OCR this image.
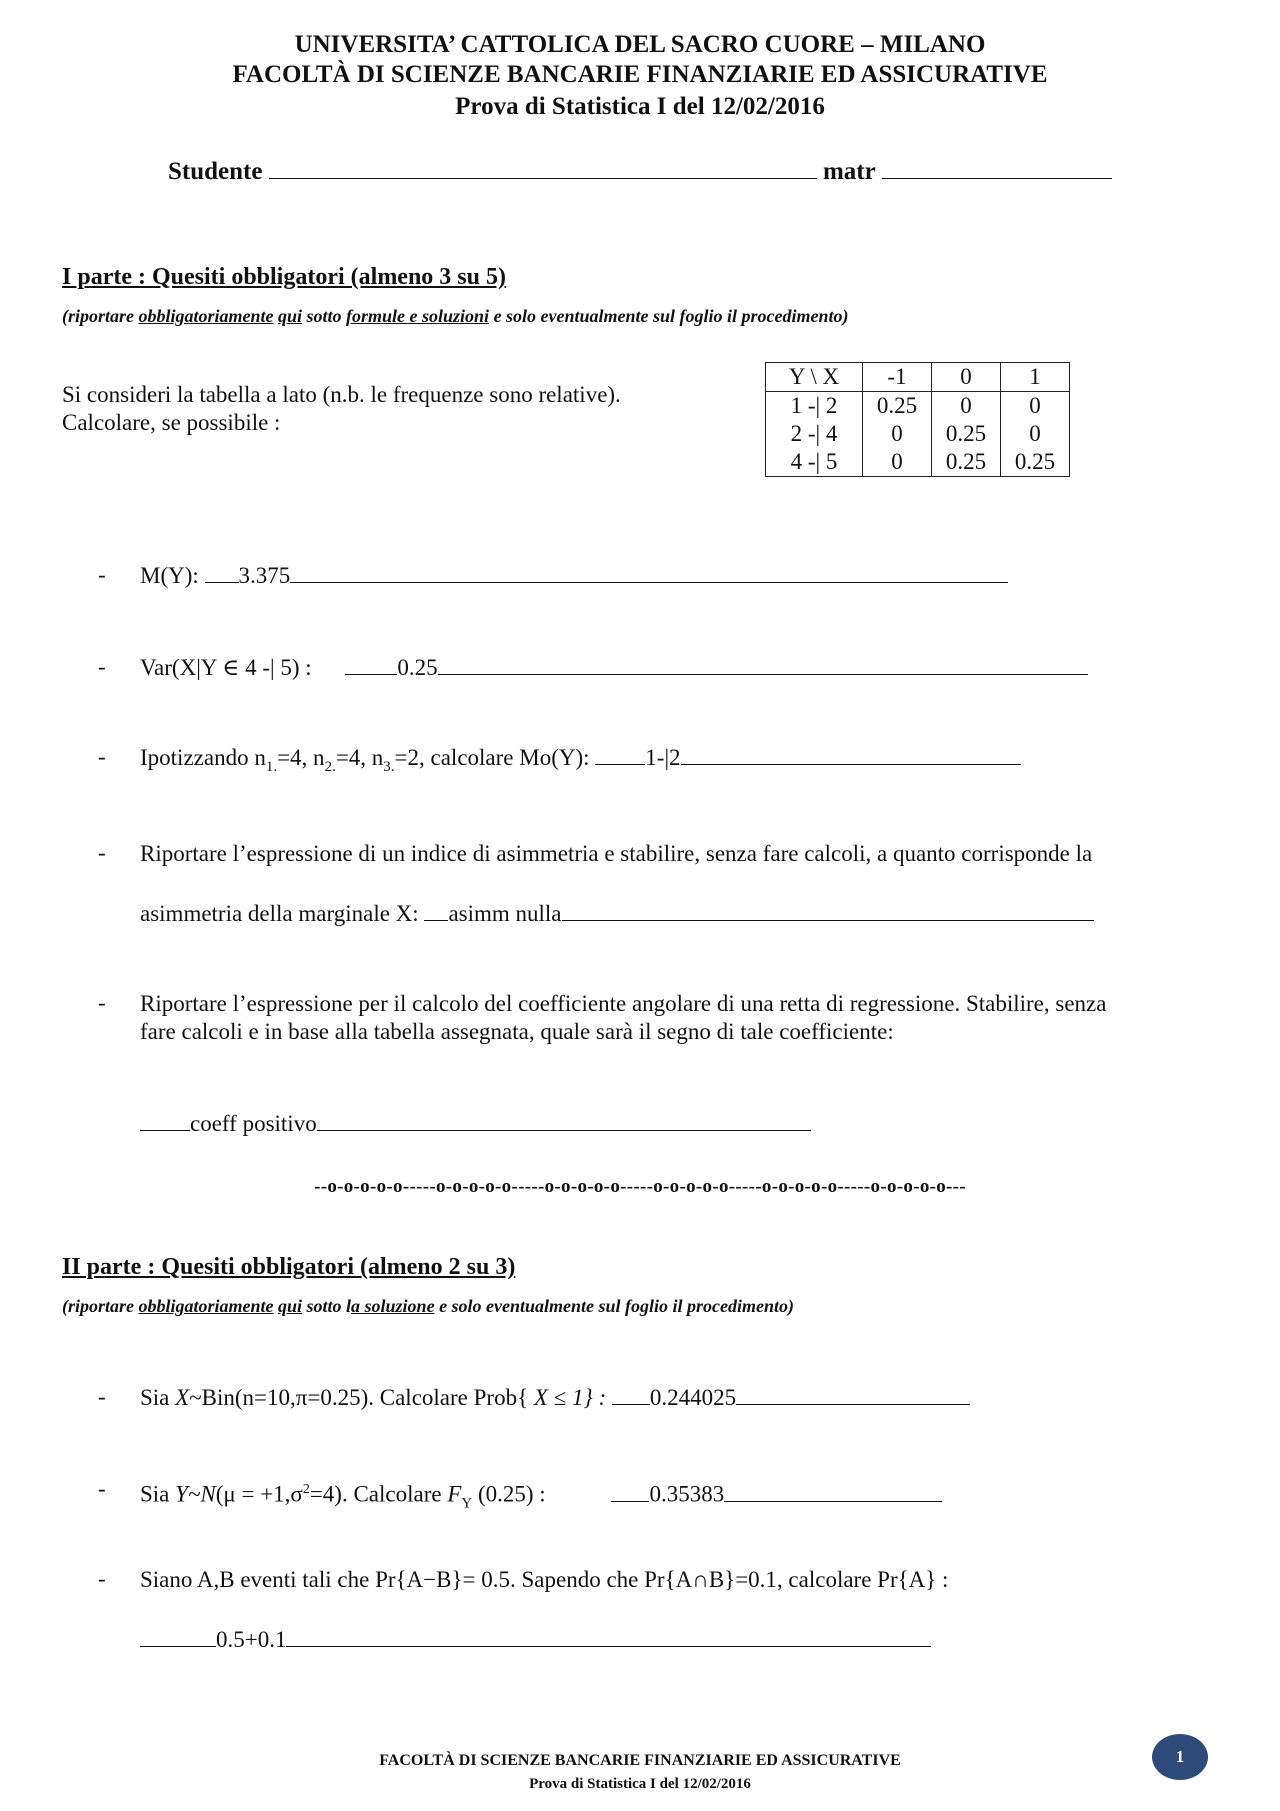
UNIVERSITA’ CATTOLICA DEL SACRO CUORE – MILANO
FACOLTÀ DI SCIENZE BANCARIE FINANZIARIE ED ASSICURATIVE
Prova di Statistica I del 12/02/2016
Studente	matr
I parte : Quesiti obbligatori (almeno 3 su 5)
(riportare obbligatoriamente qui sotto formule e soluzioni e solo eventualmente sul foglio il procedimento)
Si consideri la tabella a lato (n.b. le frequenze sono relative).
Calcolare, se possibile :
Y \ X	-1	0	1
1 -| 2	0.25	0	0
2 -| 4	0	0.25	0
4 -| 5	0	0.25	0.25
- M(Y): 3.375
- Var(X|Y ∈ 4 -| 5) :	0.25
- Ipotizzando $n_{1.}=4$, $n_{2.}=4$, $n_{3.}=2$, calcolare Mo(Y): 1-|2
- Riportare l’espressione di un indice di asimmetria e stabilire, senza fare calcoli, a quanto corrisponde la
asimmetria della marginale X: asimm nulla
- Riportare l’espressione per il calcolo del coefficiente angolare di una retta di regressione. Stabilire, senza
fare calcoli e in base alla tabella assegnata, quale sarà il segno di tale coefficiente:
coeff positivo
--o-o-o-o-o-----o-o-o-o-o-----o-o-o-o-o-----o-o-o-o-o-----o-o-o-o-o-----o-o-o-o-o---
II parte : Quesiti obbligatori (almeno 2 su 3)
(riportare obbligatoriamente qui sotto la soluzione e solo eventualmente sul foglio il procedimento)
- Sia X~Bin(n=10,π=0.25). Calcolare Prob{ X ≤ 1} : 0.244025
- Sia Y~N(μ = $+1,\sigma^2=4$). Calcolare $F_Y$ (0.25) :	0.35383
- Siano A,B eventi tali che Pr{A−B}= 0.5. Sapendo che Pr{A∩B}=0.1, calcolare Pr{A} :
0.5+0.1
FACOLTÀ DI SCIENZE BANCARIE FINANZIARIE ED ASSICURATIVE
Prova di Statistica I del 12/02/2016
1
